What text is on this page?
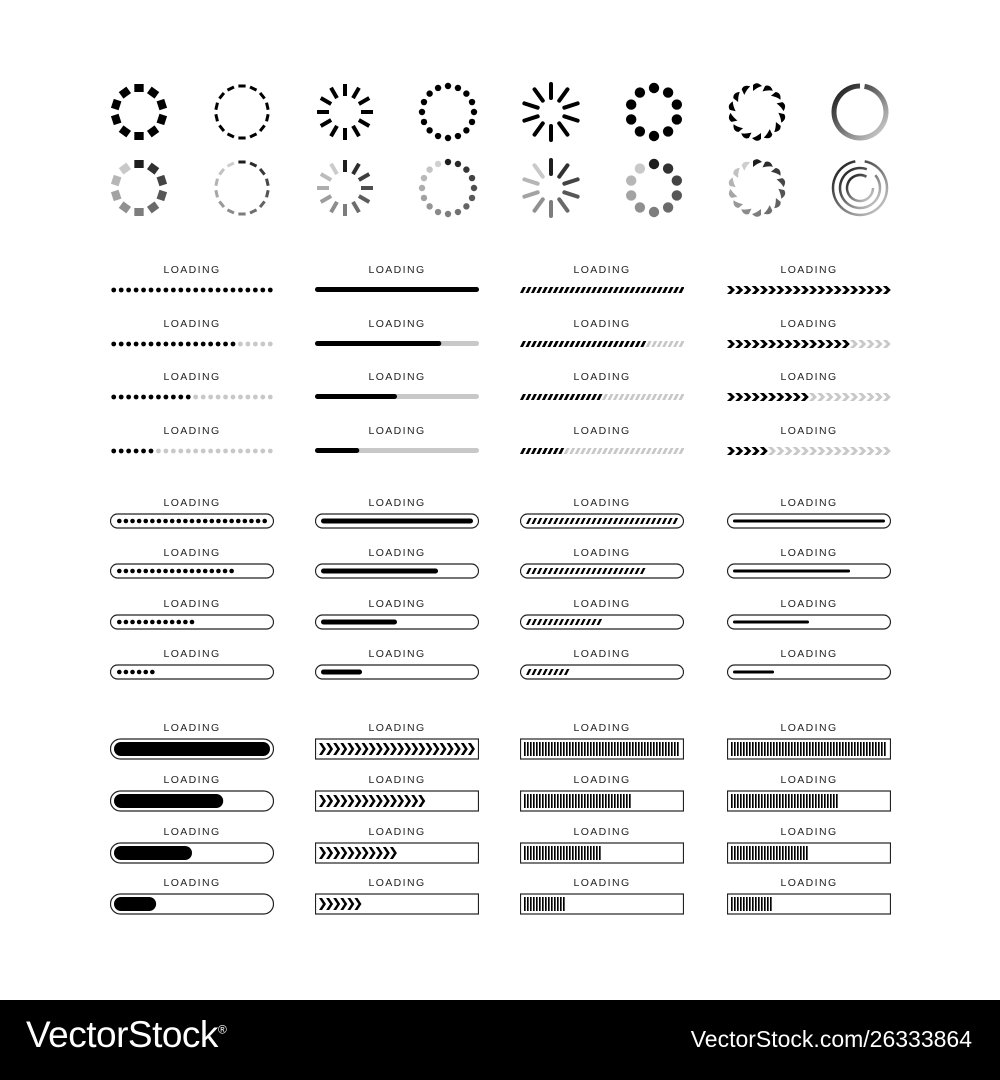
LOADING
LOADING
LOADING
LOADING
LOADING
LOADING
LOADING
LOADING
LOADING
LOADING
LOADING
LOADING
LOADING
LOADING
LOADING
LOADING
LOADING
LOADING
LOADING
LOADING
LOADING
LOADING
LOADING
LOADING
LOADING
LOADING
LOADING
LOADING
LOADING
LOADING
LOADING
LOADING
LOADING
LOADING
LOADING
LOADING
LOADING
LOADING
LOADING
LOADING
LOADING
LOADING
LOADING
LOADING
LOADING
LOADING
LOADING
LOADING
VectorStock®	VectorStock.com/26333864
